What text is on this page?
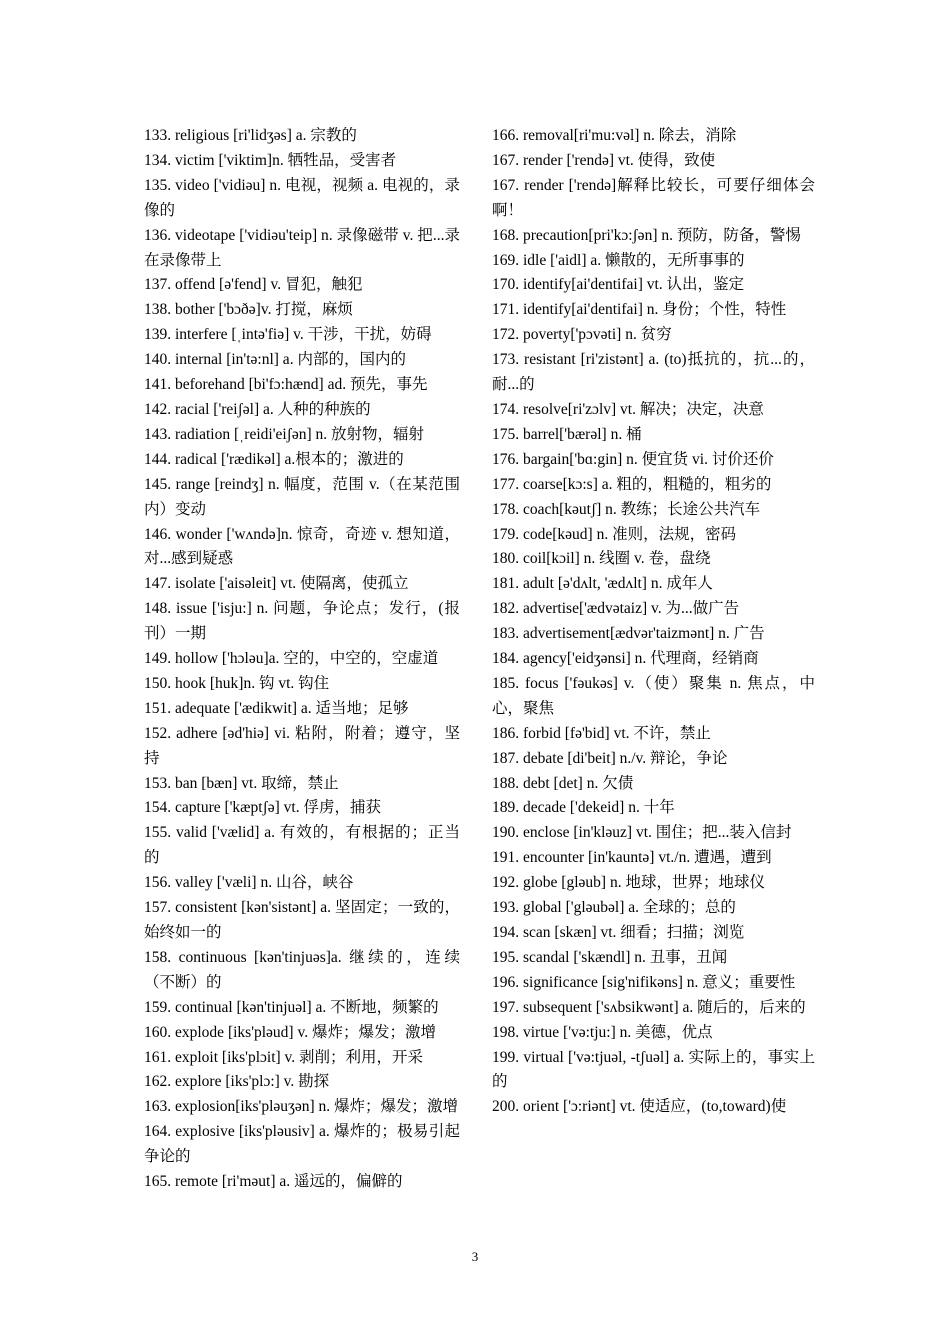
133. religious [ri'lidʒəs] a. 宗教的
134. victim ['viktim]n. 牺牲品，受害者
135. video ['vidiəu] n. 电视，视频 a. 电视的，录像的
136. videotape ['vidiəu'teip] n. 录像磁带 v. 把...录在录像带上
137. offend [ə'fend] v. 冒犯，触犯
138. bother ['bɔðə]v. 打搅，麻烦
139. interfere [ˌintə'fiə] v. 干涉，干扰，妨碍
140. internal [in'tə:nl] a. 内部的，国内的
141. beforehand [bi'fɔ:hænd] ad. 预先，事先
142. racial ['reiʃəl] a. 人种的种族的
143. radiation [ˌreidi'eiʃən] n. 放射物，辐射
144. radical ['rædikəl] a.根本的；激进的
145. range [reindʒ] n. 幅度，范围 v.（在某范围内）变动
146. wonder ['wʌndə]n. 惊奇，奇迹 v. 想知道，对...感到疑惑
147. isolate ['aisəleit] vt. 使隔离，使孤立
148. issue ['isju:] n. 问题，争论点；发行，(报刊）一期
149. hollow ['hɔləu]a. 空的，中空的，空虚道
150. hook [huk]n. 钩 vt. 钩住
151. adequate ['ædikwit] a. 适当地；足够
152. adhere [əd'hiə] vi. 粘附，附着；遵守，坚持
153. ban [bæn] vt. 取缔，禁止
154. capture ['kæptʃə] vt. 俘虏，捕获
155. valid ['vælid] a. 有效的，有根据的；正当的
156. valley ['væli] n. 山谷，峡谷
157. consistent [kən'sistənt] a. 坚固定；一致的，始终如一的
158. continuous [kən'tinjuəs]a. 继续的，连续（不断）的
159. continual [kən'tinjuəl] a. 不断地，频繁的
160. explode [iks'pləud] v. 爆炸；爆发；激增
161. exploit [iks'plɔit] v. 剥削；利用，开采
162. explore [iks'plɔ:] v. 勘探
163. explosion[iks'pləuʒən] n. 爆炸；爆发；激增
164. explosive [iks'pləusiv] a. 爆炸的；极易引起争论的
165. remote [ri'məut] a. 遥远的，偏僻的
166. removal[ri'mu:vəl] n. 除去，消除
167. render ['rendə] vt. 使得，致使
167. render ['rendə]解释比较长，可要仔细体会啊！
168. precaution[pri'kɔ:ʃən] n. 预防，防备，警惕
169. idle ['aidl] a. 懒散的，无所事事的
170. identify[ai'dentifai] vt. 认出，鉴定
171. identify[ai'dentifai] n. 身份；个性，特性
172. poverty['pɔvəti] n. 贫穷
173. resistant [ri'zistənt] a. (to)抵抗的，抗...的，耐...的
174. resolve[ri'zɔlv] vt. 解决；决定，决意
175. barrel['bærəl] n. 桶
176. bargain['bɑ:gin] n. 便宜货 vi. 讨价还价
177. coarse[kɔ:s] a. 粗的，粗糙的，粗劣的
178. coach[kəutʃ] n. 教练；长途公共汽车
179. code[kəud] n. 准则，法规，密码
180. coil[kɔil] n. 线圈 v. 卷，盘绕
181. adult [ə'dʌlt, 'ædʌlt] n. 成年人
182. advertise['ædvətaiz] v. 为...做广告
183. advertisement[ædvər'taizmənt] n. 广告
184. agency['eidʒənsi] n. 代理商，经销商
185. focus ['fəukəs] v.（使）聚集 n. 焦点，中心，聚焦
186. forbid [fə'bid] vt. 不许，禁止
187. debate [di'beit] n./v. 辩论，争论
188. debt [det] n. 欠债
189. decade ['dekeid] n. 十年
190. enclose [in'kləuz] vt. 围住；把...装入信封
191. encounter [in'kauntə] vt./n. 遭遇，遭到
192. globe [gləub] n. 地球，世界；地球仪
193. global ['gləubəl] a. 全球的；总的
194. scan [skæn] vt. 细看；扫描；浏览
195. scandal ['skændl] n. 丑事，丑闻
196. significance [sig'nifikəns] n. 意义；重要性
197. subsequent ['sʌbsikwənt] a. 随后的，后来的
198. virtue ['və:tju:] n. 美德，优点
199. virtual ['və:tjuəl, -tʃuəl] a. 实际上的，事实上的
200. orient ['ɔ:riənt] vt. 使适应，(to,toward)使
3
